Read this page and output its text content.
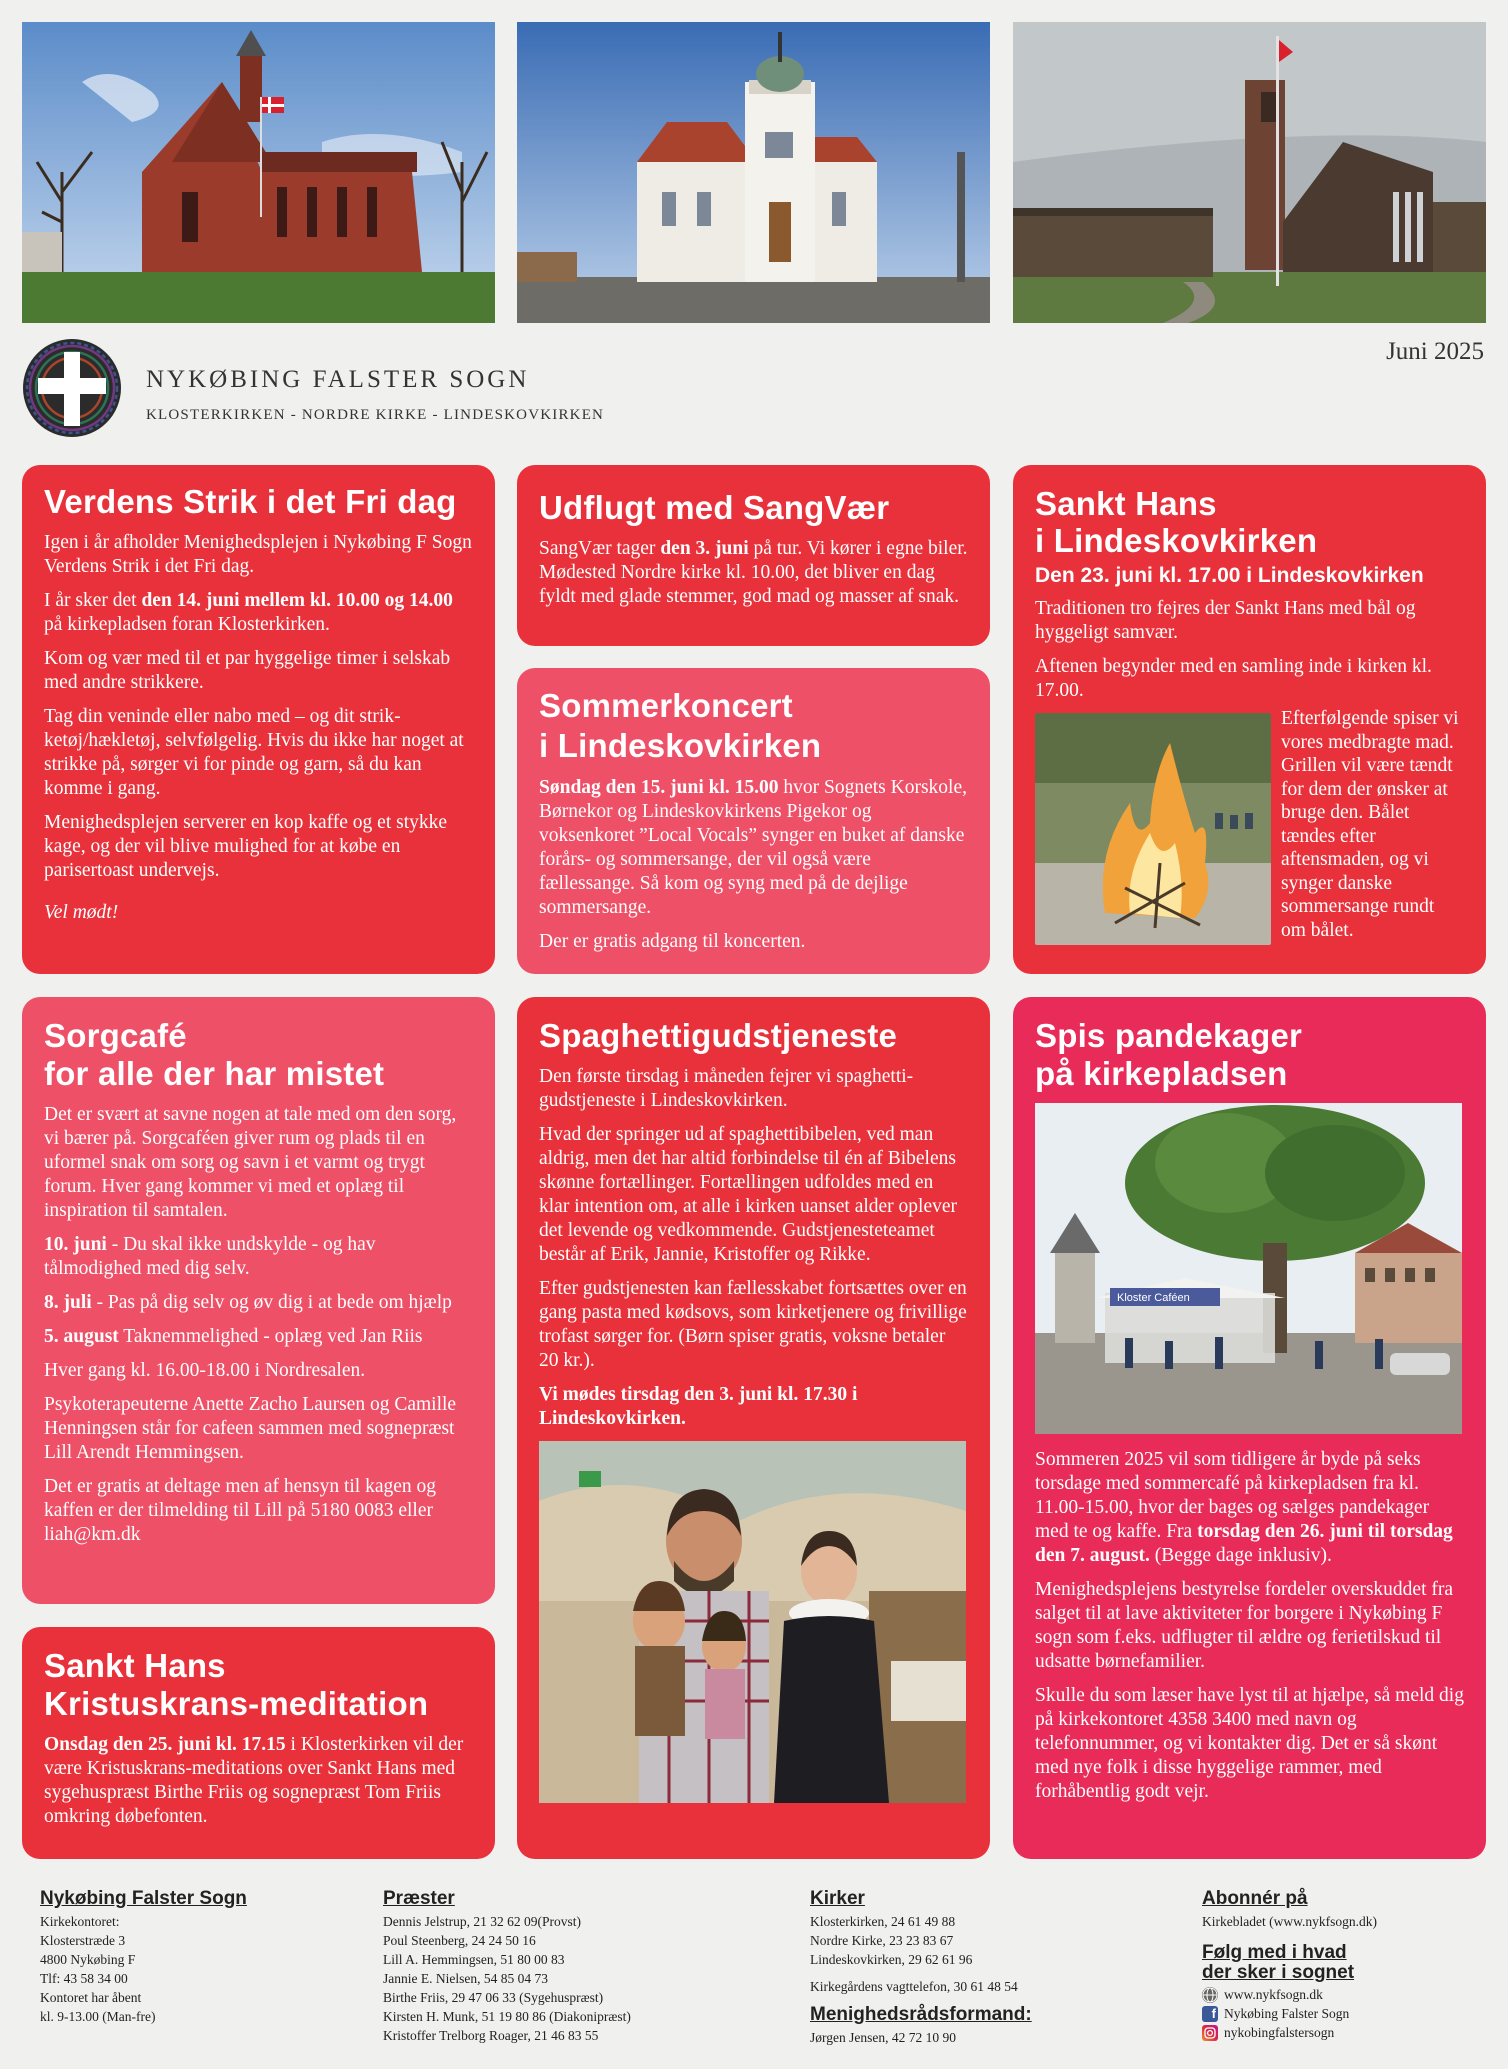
NYKØBING FALSTER SOGN
KLOSTERKIRKEN - NORDRE KIRKE - LINDESKOVKIRKEN
Juni 2025
Verdens Strik i det Fri dag

Igen i år afholder Menighedsplejen i Nykøbing F Sogn Verdens Strik i det Fri dag.

I år sker det den 14. juni mellem kl. 10.00 og 14.00 på kirkepladsen foran Klosterkirken.

Kom og vær med til et par hyggelige timer i selskab med andre strikkere.

Tag din veninde eller nabo med – og dit strikketøj/hækletøj, selvfølgelig. Hvis du ikke har noget at strikke på, sørger vi for pinde og garn, så du kan komme i gang.

Menighedsplejen serverer en kop kaffe og et stykke kage, og der vil blive mulighed for at købe en parisertoast undervejs.

Vel mødt!

Udflugt med SangVær

SangVær tager den 3. juni på tur. Vi kører i egne biler. Mødested Nordre kirke kl. 10.00, det bliver en dag fyldt med glade stemmer, god mad og masser af snak.

Sommerkoncert
i Lindeskovkirken

Søndag den 15. juni kl. 15.00 hvor Sognets Korskole, Børnekor og Lindeskovkirkens Pigekor og voksenkoret ”Local Vocals” synger en buket af danske forårs- og sommersange, der vil også være fællessange. Så kom og syng med på de dejlige sommersange.

Der er gratis adgang til koncerten.

Sankt Hans
i Lindeskovkirken
Den 23. juni kl. 17.00 i Lindeskovkirken

Traditionen tro fejres der Sankt Hans med bål og hyggeligt samvær.

Aftenen begynder med en samling inde i kirken kl. 17.00.

Efterfølgende spiser vi vores medbragte mad. Grillen vil være tændt for dem der ønsker at bruge den. Bålet tændes efter aftensmaden, og vi synger danske sommersange rundt om bålet.

Sorgcafé
for alle der har mistet

Det er svært at savne nogen at tale med om den sorg, vi bærer på. Sorgcaféen giver rum og plads til en uformel snak om sorg og savn i et varmt og trygt forum. Hver gang kommer vi med et oplæg til inspiration til samtalen.

10. juni - Du skal ikke undskylde - og hav tålmodighed med dig selv.

8. juli - Pas på dig selv og øv dig i at bede om hjælp

5. august Taknemmelighed - oplæg ved Jan Riis

Hver gang kl. 16.00-18.00 i Nordresalen.

Psykoterapeuterne Anette Zacho Laursen og Camille Henningsen står for cafeen sammen med sognepræst Lill Arendt Hemmingsen.

Det er gratis at deltage men af hensyn til kagen og kaffen er der tilmelding til Lill på 5180 0083 eller liah@km.dk

Spaghettigudstjeneste

Den første tirsdag i måneden fejrer vi spaghettigudstjeneste i Lindeskovkirken.

Hvad der springer ud af spaghettibibelen, ved man aldrig, men det har altid forbindelse til én af Bibelens skønne fortællinger. Fortællingen udfoldes med en klar intention om, at alle i kirken uanset alder oplever det levende og vedkommende. Gudstjenesteteamet består af Erik, Jannie, Kristoffer og Rikke.

Efter gudstjenesten kan fællesskabet fortsættes over en gang pasta med kødsovs, som kirketjenere og frivillige trofast sørger for. (Børn spiser gratis, voksne betaler 20 kr.).

Vi mødes tirsdag den 3. juni kl. 17.30 i Lindeskovkirken.

Spis pandekager
på kirkepladsen
Kloster Caféen

Sommeren 2025 vil som tidligere år byde på seks torsdage med sommercafé på kirkepladsen fra kl. 11.00-15.00, hvor der bages og sælges pandekager med te og kaffe. Fra torsdag den 26. juni til torsdag den 7. august. (Begge dage inklusiv).

Menighedsplejens bestyrelse fordeler overskuddet fra salget til at lave aktiviteter for borgere i Nykøbing F sogn som f.eks. udflugter til ældre og ferietilskud til udsatte børnefamilier.

Skulle du som læser have lyst til at hjælpe, så meld dig på kirkekontoret 4358 3400 med navn og telefonnummer, og vi kontakter dig. Det er så skønt med nye folk i disse hyggelige rammer, med forhåbentlig godt vejr.

Sankt Hans
Kristuskrans-meditation

Onsdag den 25. juni kl. 17.15 i Klosterkirken vil der være Kristuskrans-meditations over Sankt Hans med sygehuspræst Birthe Friis og sognepræst Tom Friis omkring døbefonten.

Nykøbing Falster Sogn
Kirkekontoret:
Klosterstræde 3
4800 Nykøbing F
Tlf: 43 58 34 00
Kontoret har åbent
kl. 9-13.00 (Man-fre)
Præster
Dennis Jelstrup, 21 32 62 09(Provst)
Poul Steenberg, 24 24 50 16
Lill A. Hemmingsen, 51 80 00 83
Jannie E. Nielsen, 54 85 04 73
Birthe Friis, 29 47 06 33 (Sygehuspræst)
Kirsten H. Munk, 51 19 80 86 (Diakonipræst)
Kristoffer Trelborg Roager, 21 46 83 55
Kirker
Klosterkirken, 24 61 49 88
Nordre Kirke, 23 23 83 67
Lindeskovkirken, 29 62 61 96
Kirkegårdens vagttelefon, 30 61 48 54
Menighedsrådsformand:
Jørgen Jensen, 42 72 10 90
Abonnér på
Kirkebladet (www.nykfsogn.dk)
Følg med i hvad
der sker i sognet
www.nykfsogn.dk
f Nykøbing Falster Sogn
nykobingfalstersogn
